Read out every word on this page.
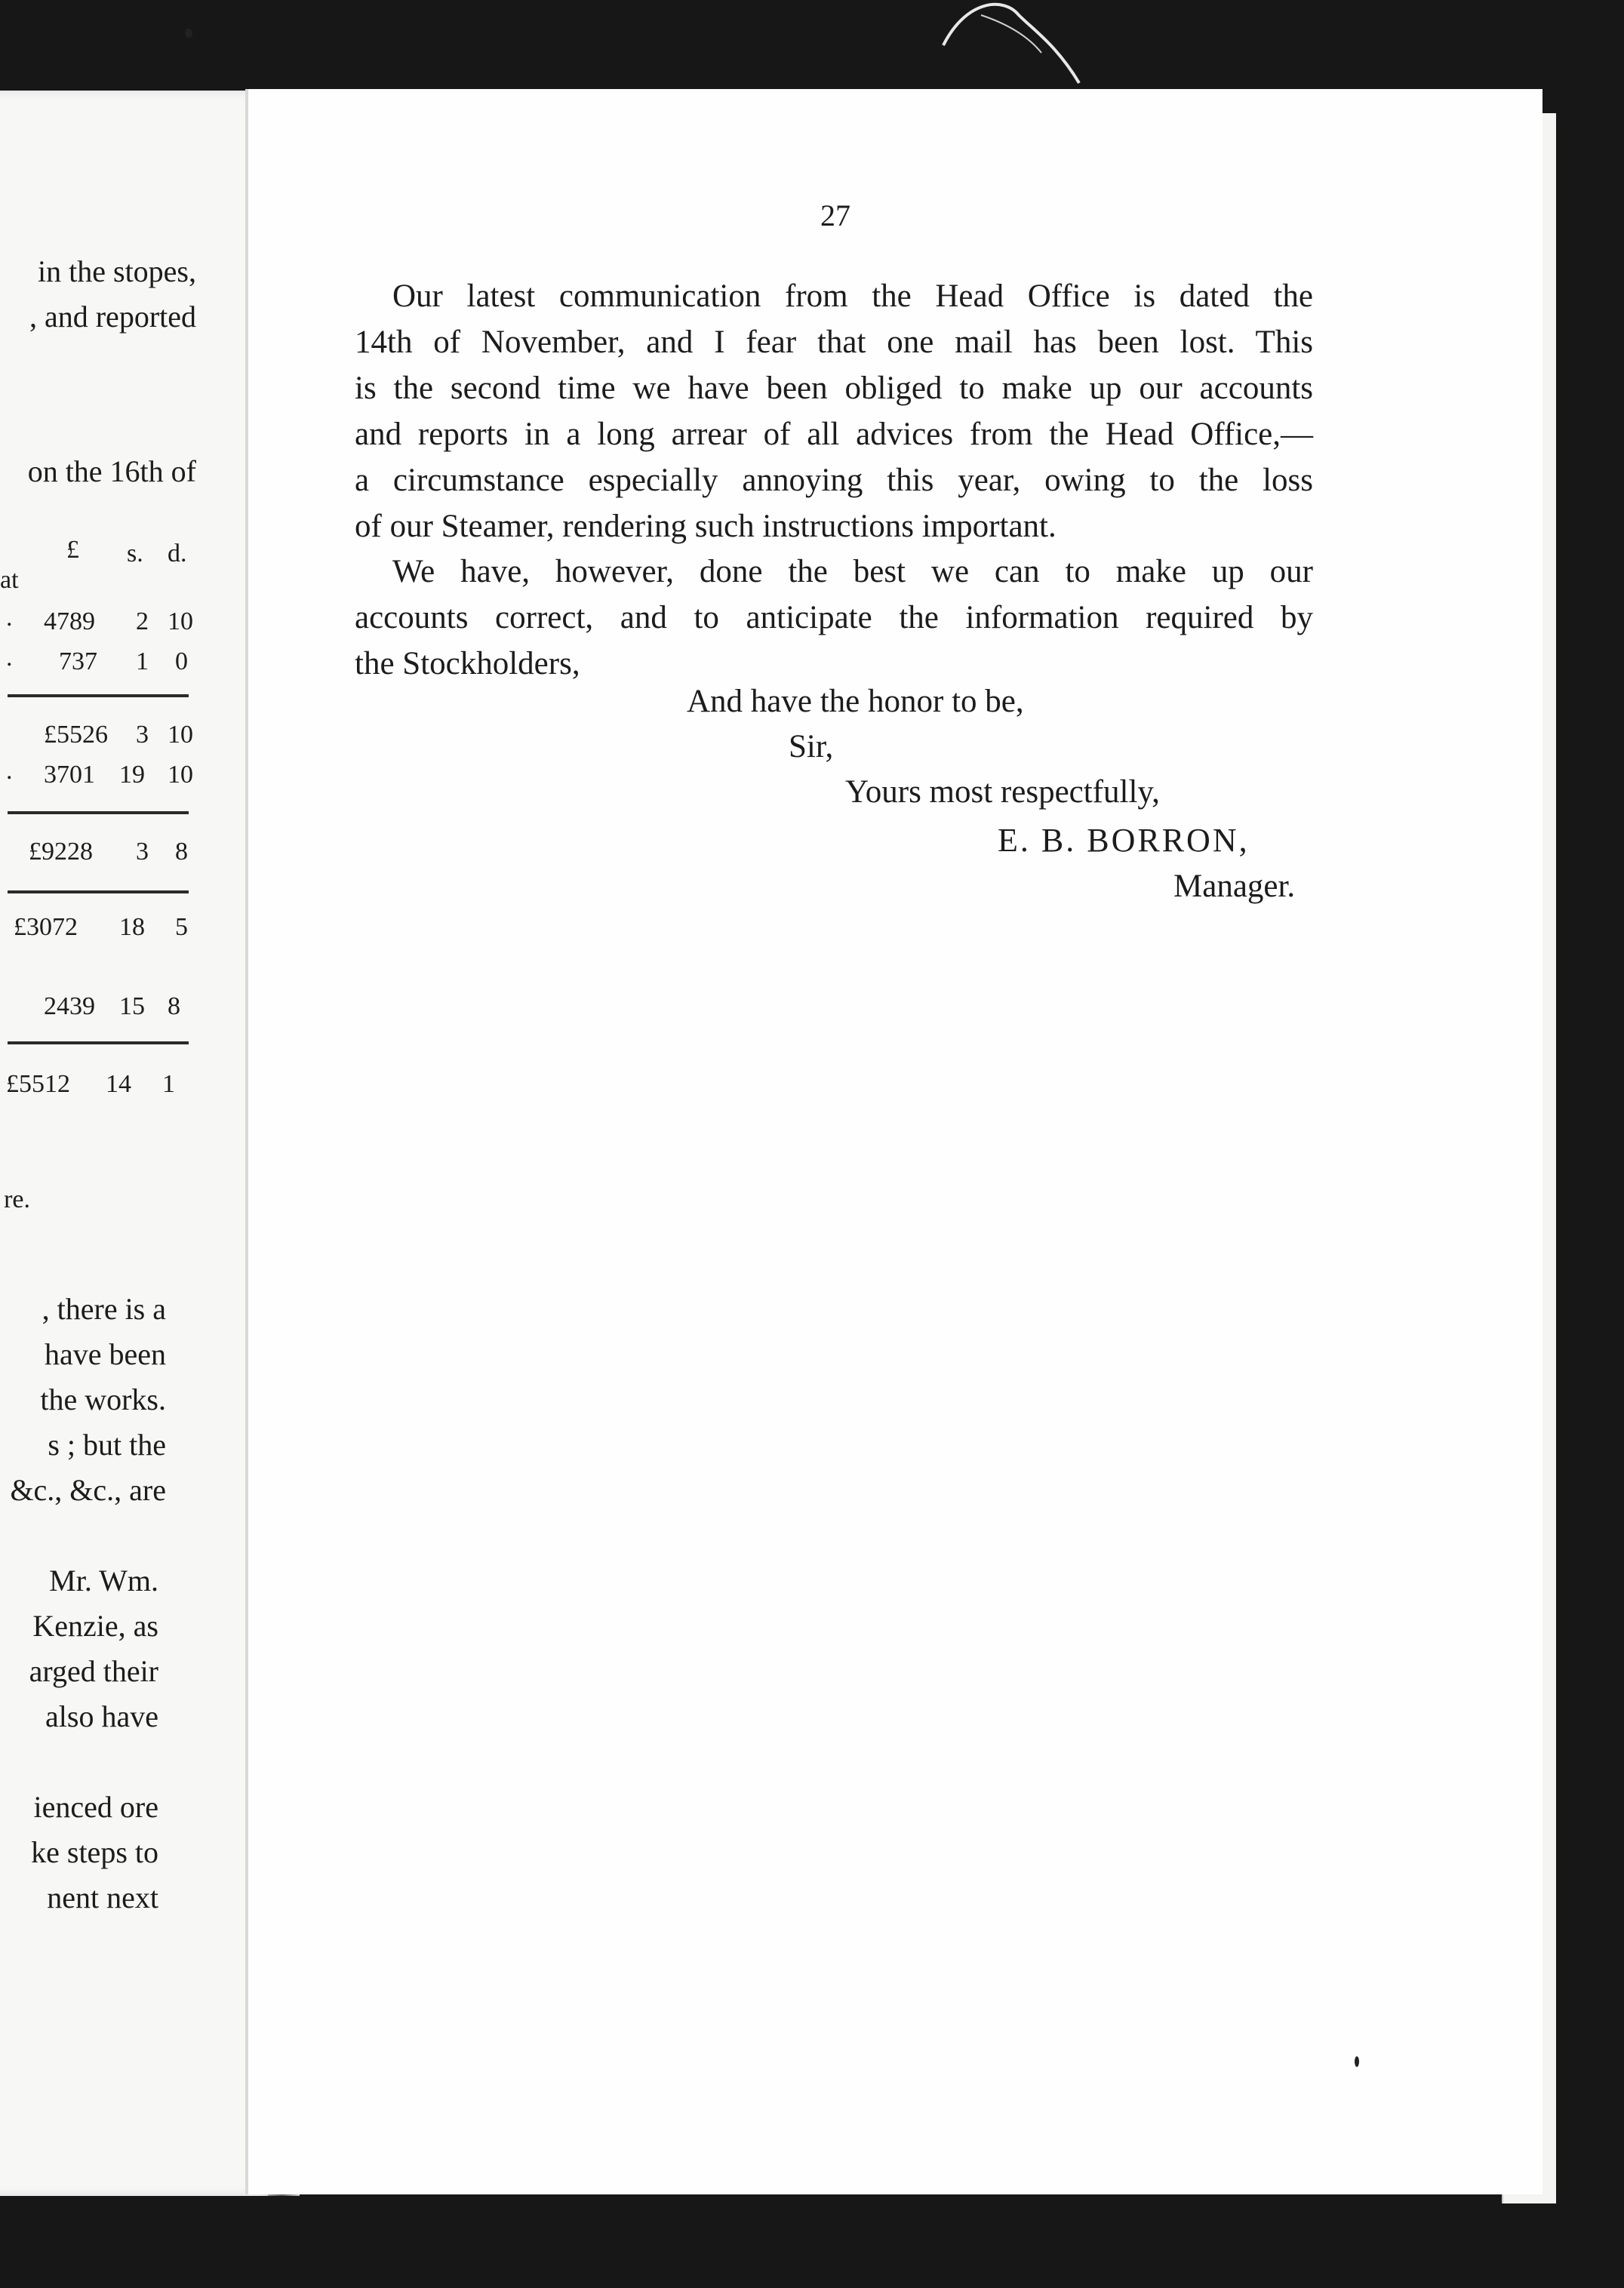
in the stopes,
, and reported
on the 16th of
£ s. d.
at
. 4789 2 10
. 737 1 0
£5526 3 10
. 3701 19 10
£9228 3 8
£3072 18 5
2439 15 8
£5512 14 1
re.
, there is a
have been
the works.
s ; but the
&c., &c., are
Mr. Wm.
Kenzie, as
arged their
also have
ienced ore
ke steps to
nent next
27
Our latest communication from the Head Office is dated the
14th of November, and I fear that one mail has been lost. This
is the second time we have been obliged to make up our accounts
and reports in a long arrear of all advices from the Head Office,—
a circumstance especially annoying this year, owing to the loss
of our Steamer, rendering such instructions important.
We have, however, done the best we can to make up our
accounts correct, and to anticipate the information required by
the Stockholders,
And have the honor to be,
Sir,
Yours most respectfully,
E. B. BORRON,
Manager.
